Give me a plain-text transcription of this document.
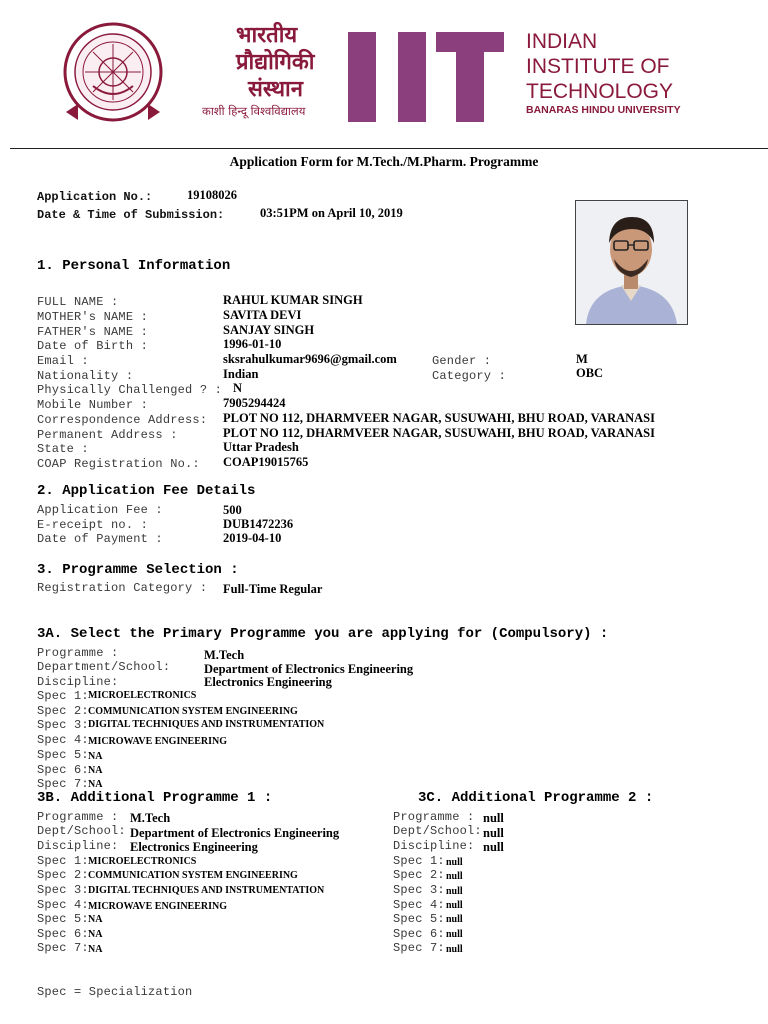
भारतीय
प्रौद्योगिकी
संस्थान
काशी हिन्दू विश्वविद्यालय
INDIAN
INSTITUTE OF
TECHNOLOGY
BANARAS HINDU UNIVERSITY
Application Form for M.Tech./M.Pharm. Programme
Application No.:	19108026
Date & Time of Submission:	03:51PM on April 10, 2019
1. Personal Information
FULL NAME :	RAHUL KUMAR SINGH
MOTHER's NAME :	SAVITA DEVI
FATHER's NAME :	SANJAY SINGH
Date of Birth :	1996-01-10
Email :	sksrahulkumar9696@gmail.com
Nationality :	Indian
Physically Challenged ? : N
Mobile Number :	7905294424
Correspondence Address: PLOT NO 112, DHARMVEER NAGAR, SUSUWAHI, BHU ROAD, VARANASI
Permanent Address :	PLOT NO 112, DHARMVEER NAGAR, SUSUWAHI, BHU ROAD, VARANASI
State :	Uttar Pradesh
COAP Registration No.: COAP19015765
Gender :	M
Category :	OBC
2. Application Fee Details
Application Fee :	500
E-receipt no. :	DUB1472236
Date of Payment :	2019-04-10
3. Programme Selection :
Registration Category : Full-Time Regular
3A. Select the Primary Programme you are applying for (Compulsory) :
Programme :	M.Tech
Department/School:	Department of Electronics Engineering
Discipline:	Electronics Engineering
Spec 1: MICROELECTRONICS
Spec 2: COMMUNICATION SYSTEM ENGINEERING
Spec 3: DIGITAL TECHNIQUES AND INSTRUMENTATION
Spec 4: MICROWAVE ENGINEERING
Spec 5: NA
Spec 6: NA
Spec 7: NA
3B. Additional Programme 1 :
Programme : M.Tech
Dept/School: Department of Electronics Engineering
Discipline: Electronics Engineering
Spec 1: MICROELECTRONICS
Spec 2: COMMUNICATION SYSTEM ENGINEERING
Spec 3: DIGITAL TECHNIQUES AND INSTRUMENTATION
Spec 4: MICROWAVE ENGINEERING
Spec 5: NA
Spec 6: NA
Spec 7: NA
3C. Additional Programme 2 :
Programme : null
Dept/School: null
Discipline: null
Spec 1: null
Spec 2: null
Spec 3: null
Spec 4: null
Spec 5: null
Spec 6: null
Spec 7: null
Spec = Specialization
